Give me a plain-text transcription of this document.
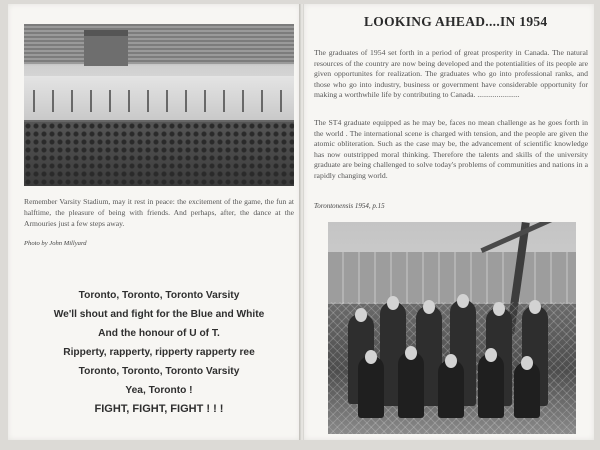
Remember Varsity Stadium, may it rest in peace: the excitement of the game, the fun at halftime, the pleasure of being with friends. And perhaps, after, the dance at the Armouries just a few steps away.
Photo by John Millyard
Toronto, Toronto, Toronto Varsity
We'll shout and fight for the Blue and White
And the honour of U of T.
Ripperty, rapperty, ripperty rapperty ree
Toronto, Toronto, Toronto Varsity
Yea, Toronto !
FIGHT, FIGHT, FIGHT ! ! !
LOOKING AHEAD....IN 1954
The graduates of 1954 set forth in a period of great prosperity in Canada. The natural resources of the country are now being developed and the potentialities of its people are given opportunites for realization. The graduates who go into professional ranks, and those who go into industry, business or government have considerable opportunity for making a worthwhile life by contributing to Canada. ......................
The ST4 graduate equipped as he may be, faces no mean challenge as he goes forth in the world . The international scene is charged with tension, and the people are given the atomic obliteration. Such as the case may be, the advancement of scientific knowledge has now outstripped moral thinking. Therefore the talents and skills of the university graduate are being challenged to solve today's problems of communities and nations in a rapidly changing world.
Torontonensis 1954, p.15
